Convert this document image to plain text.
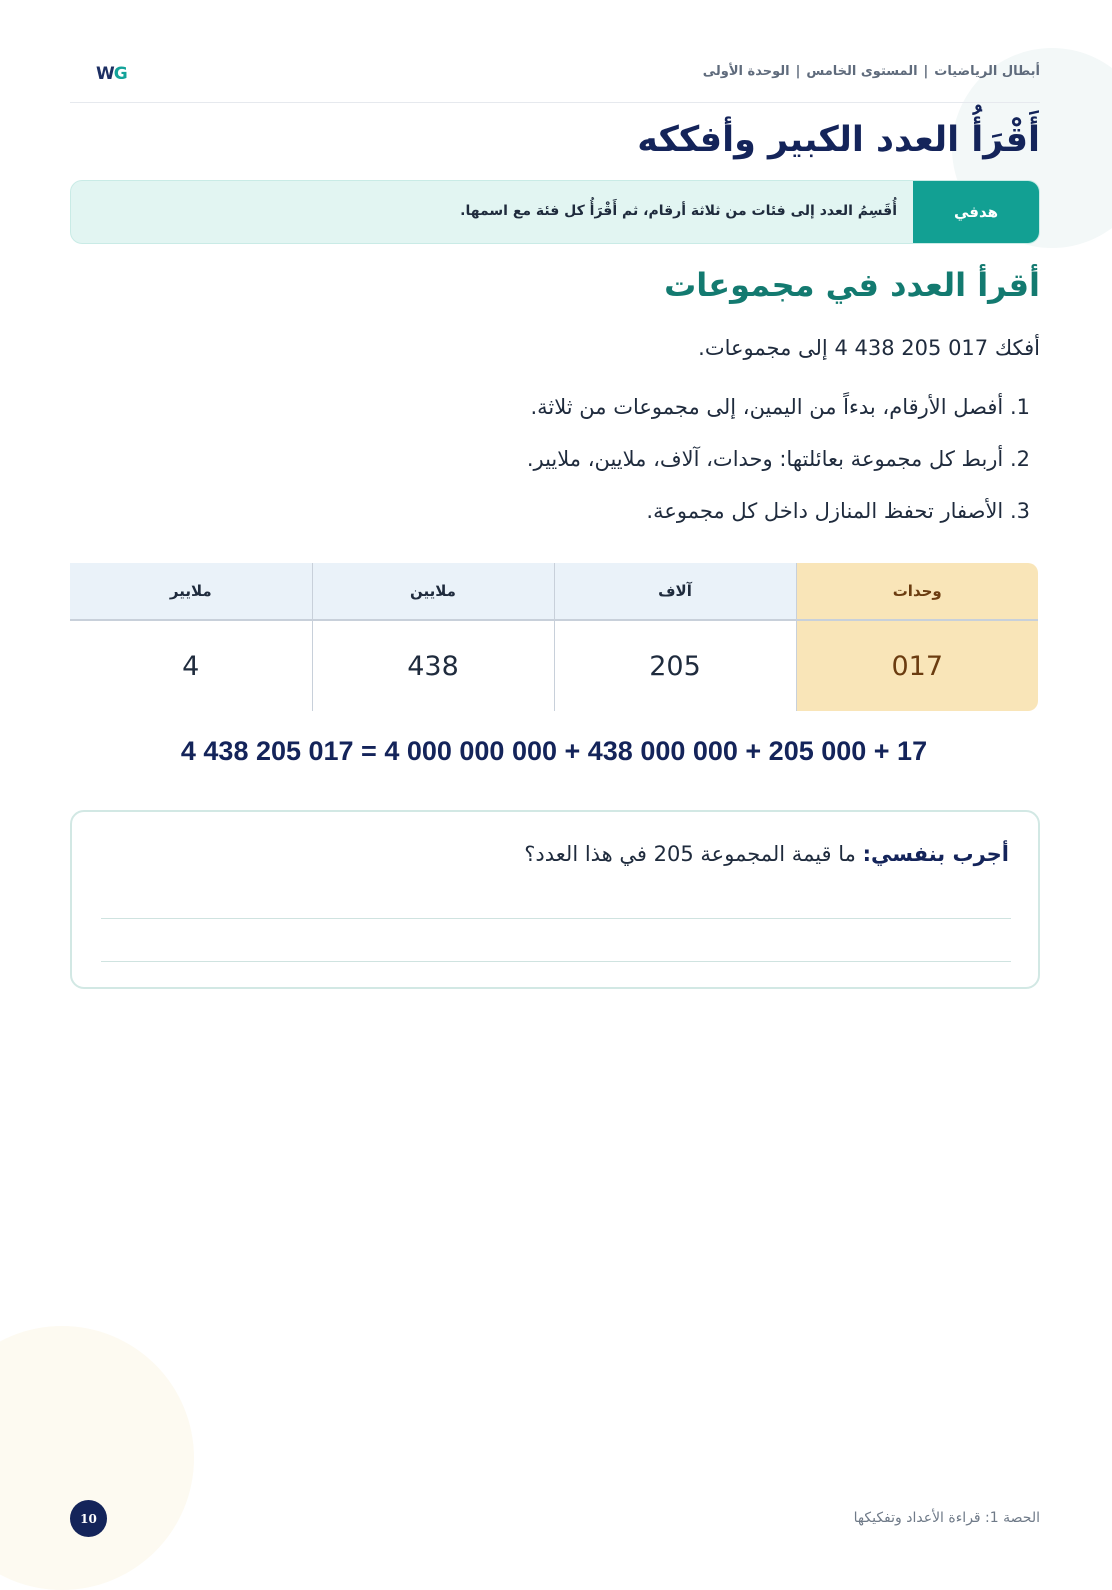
WG	أبطال الرياضيات|المستوى الخامس|الوحدة الأولى
أَقْرَأُ العدد الكبير وأفككه
هدفي
أُقَسِمُ العدد إلى فئات من ثلاثة أرقام، ثم أَقْرَأُ كل فئة مع اسمها.
أقرأ العدد في مجموعات
أفكك 017 205 438 4 إلى مجموعات.
1. أفصل الأرقام، بدءاً من اليمين، إلى مجموعات من ثلاثة.
2. أربط كل مجموعة بعائلتها: وحدات، آلاف، ملايين، ملايير.
3. الأصفار تحفظ المنازل داخل كل مجموعة.
وحدات	آلاف	ملايين	ملايير
017	205	438	4
4 438 205 017 = 4 000 000 000 + 438 000 000 + 205 000 + 17
أجرب بنفسي: ما قيمة المجموعة 205 في هذا العدد؟
10	الحصة 1: قراءة الأعداد وتفكيكها
